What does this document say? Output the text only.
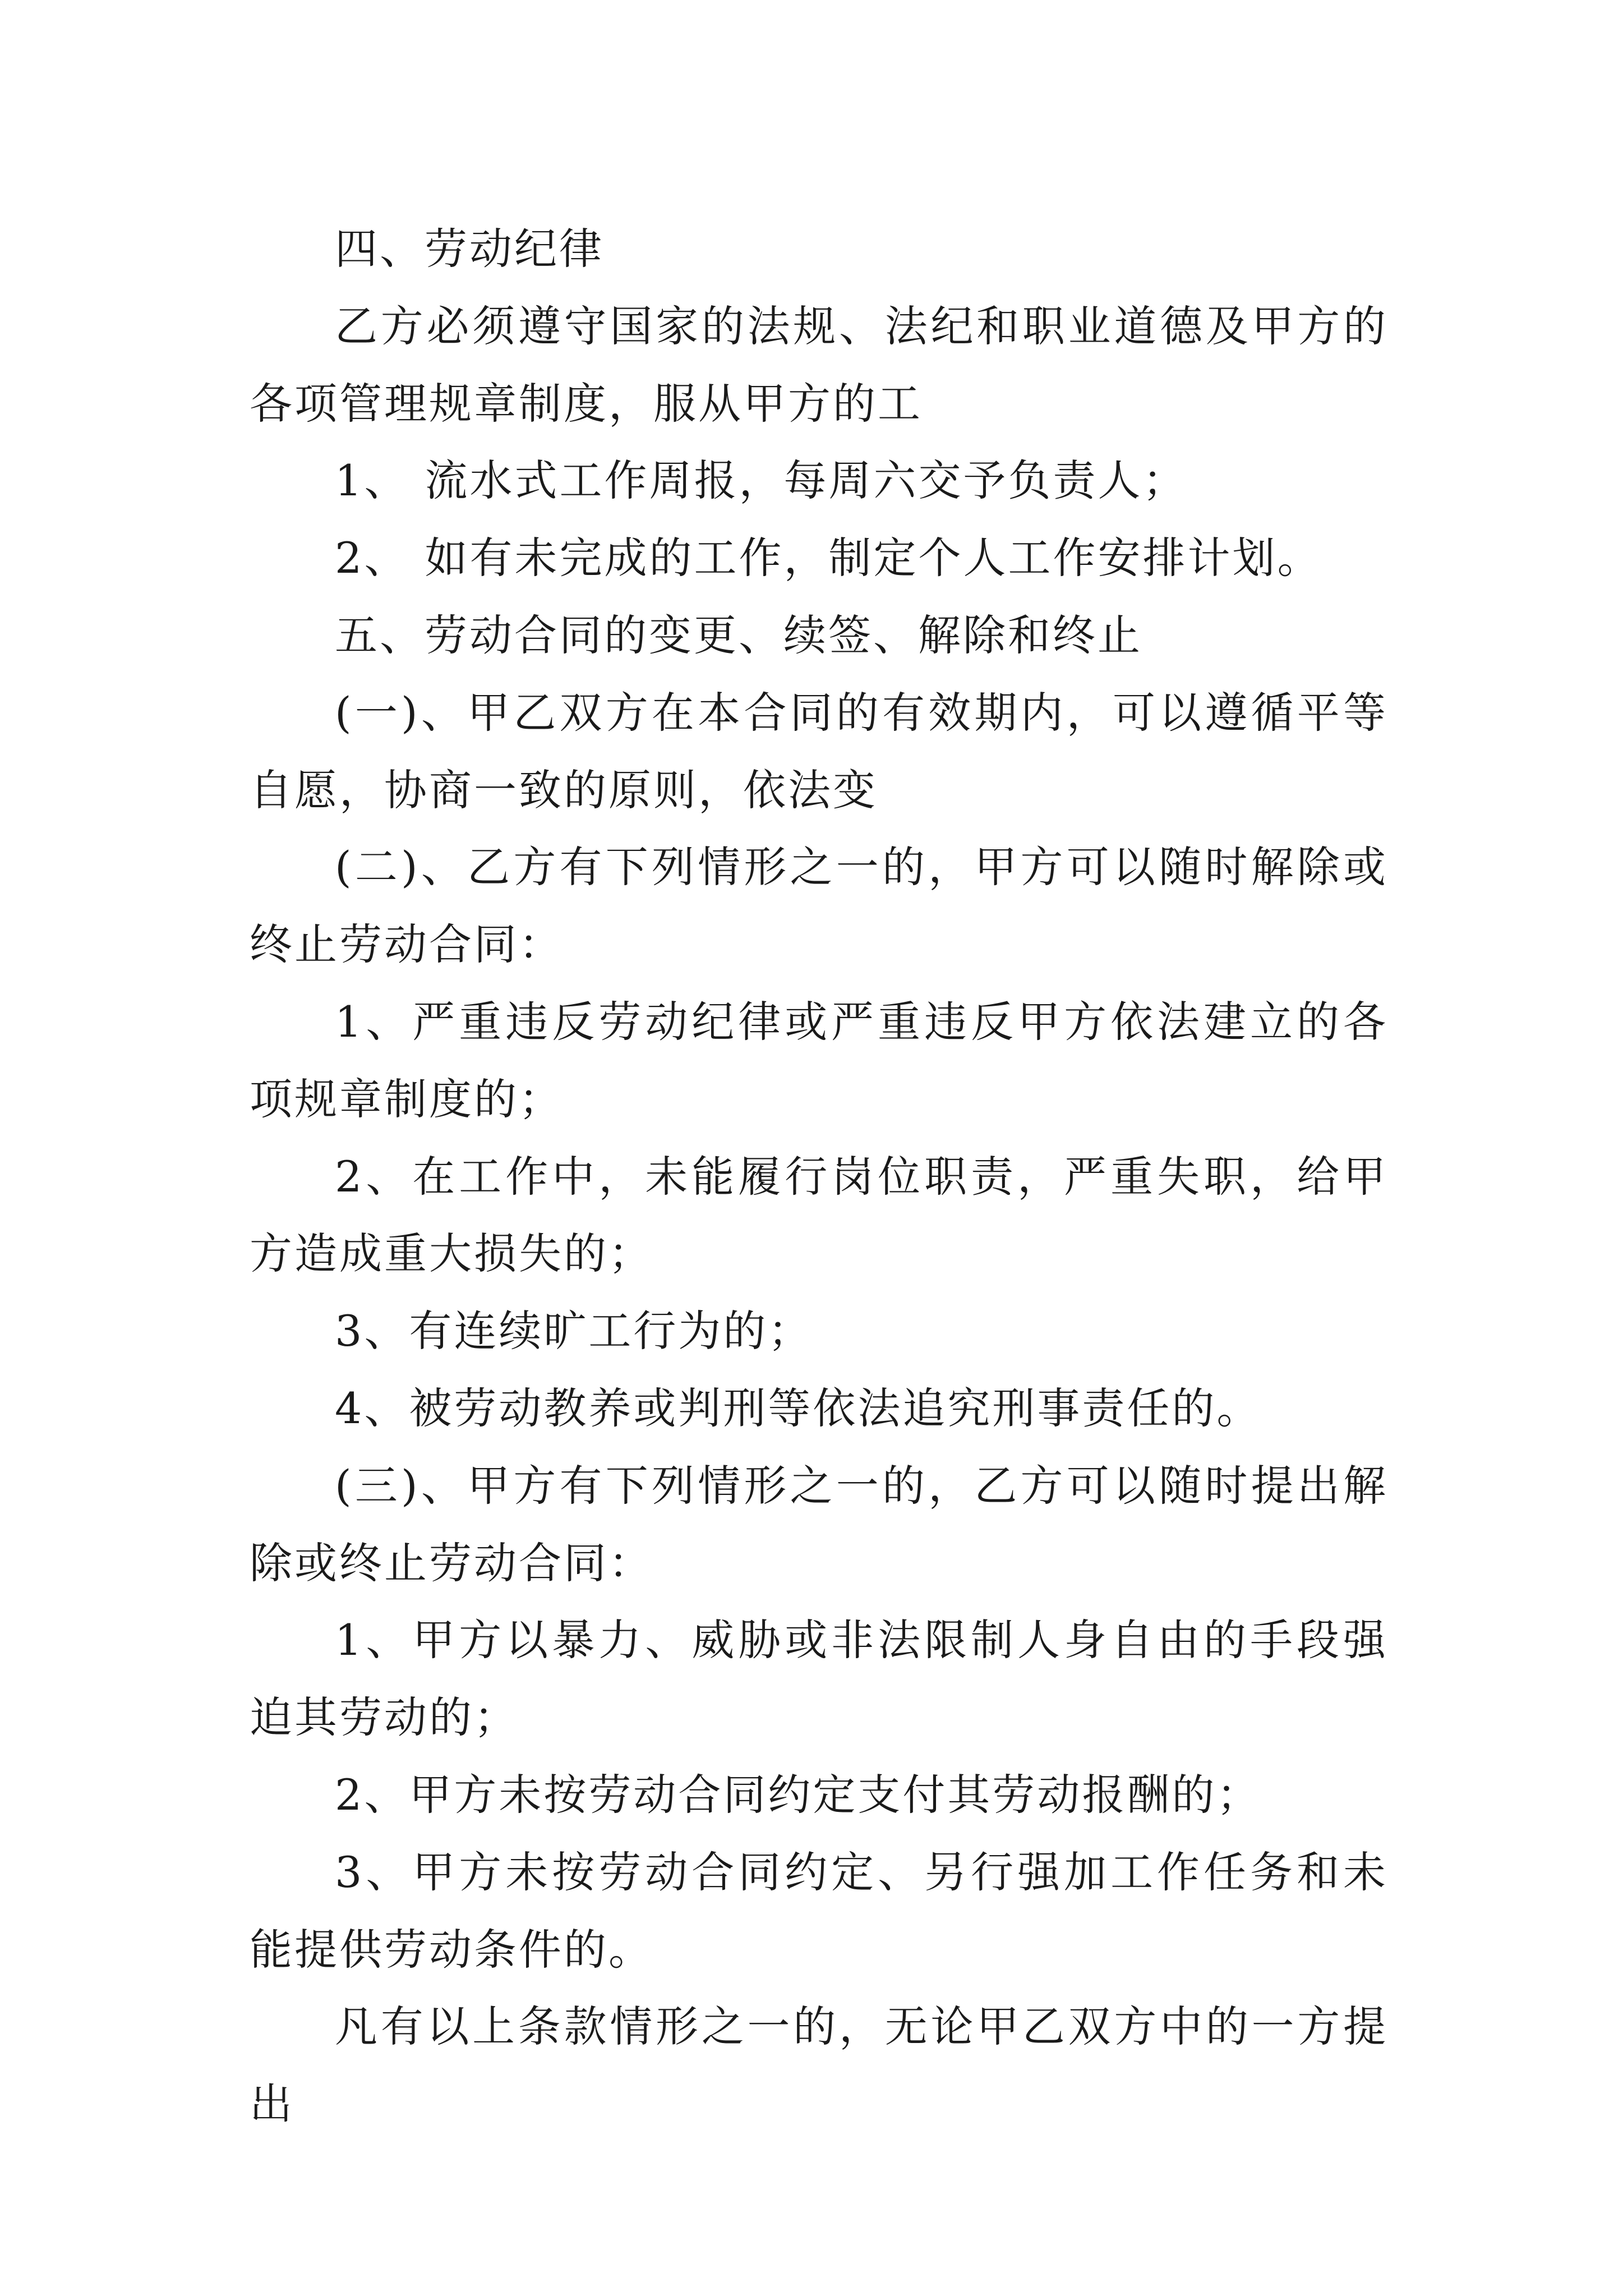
四、劳动纪律

乙方必须遵守国家的法规、法纪和职业道德及甲方的各项管理规章制度，服从甲方的工

1、 流水式工作周报，每周六交予负责人；

2、 如有未完成的工作，制定个人工作安排计划。

五、劳动合同的变更、续签、解除和终止

(一)、甲乙双方在本合同的有效期内，可以遵循平等自愿，协商一致的原则，依法变

(二)、乙方有下列情形之一的，甲方可以随时解除或终止劳动合同：

1、严重违反劳动纪律或严重违反甲方依法建立的各项规章制度的；

2、在工作中，未能履行岗位职责，严重失职，给甲方造成重大损失的；

3、有连续旷工行为的；

4、被劳动教养或判刑等依法追究刑事责任的。

(三)、甲方有下列情形之一的，乙方可以随时提出解除或终止劳动合同：

1、甲方以暴力、威胁或非法限制人身自由的手段强迫其劳动的；

2、甲方未按劳动合同约定支付其劳动报酬的；

3、甲方未按劳动合同约定、另行强加工作任务和未能提供劳动条件的。

凡有以上条款情形之一的，无论甲乙双方中的一方提出
